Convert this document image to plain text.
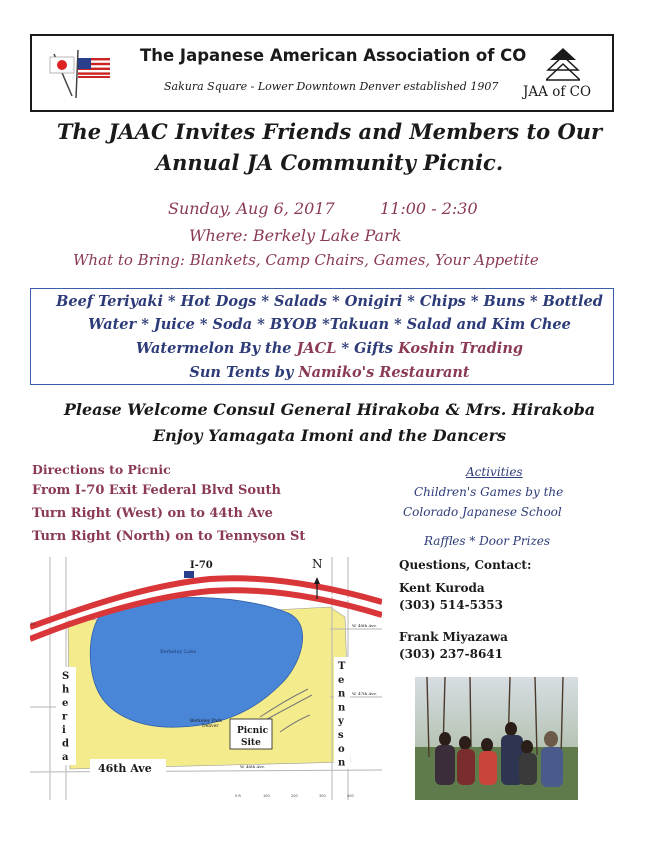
The Japanese American Association of CO
Sakura Square - Lower Downtown Denver established 1907 JAA of CO
The JAAC Invites Friends and Members to Our
Annual JA Community Picnic.
Sunday, Aug 6, 2017	11:00 - 2:30
Where: Berkely Lake Park
What to Bring: Blankets, Camp Chairs, Games, Your Appetite
Beef Teriyaki * Hot Dogs * Salads * Onigiri * Chips * Buns * Bottled
Water * Juice * Soda * BYOB *Takuan * Salad and Kim Chee
Watermelon By the JACL * Gifts Koshin Trading
Sun Tents by Namiko's Restaurant
Please Welcome Consul General Hirakoba & Mrs. Hirakoba
Enjoy Yamagata Imoni and the Dancers
Directions to Picnic
From I-70 Exit Federal Blvd South
Turn Right (West) on to 44th Ave
Turn Right (North) on to Tennyson St
Activities
Children's Games by the
Colorado Japanese School
Raffles * Door Prizes
Questions, Contact:
Kent Kuroda
(303) 514-5353
Frank Miyazawa
(303) 237-8641
I-70	N
Picnic
Site
46th Ave
Berkeley Lake
Berkeley Park
Denver
W. 48th Ave.
W. 47th Ave.
W. 46th Ave.
72
S
h
e
r
i
d
a
T
e
n
n
y
s
o
n
0 ft	100	200	300	400
